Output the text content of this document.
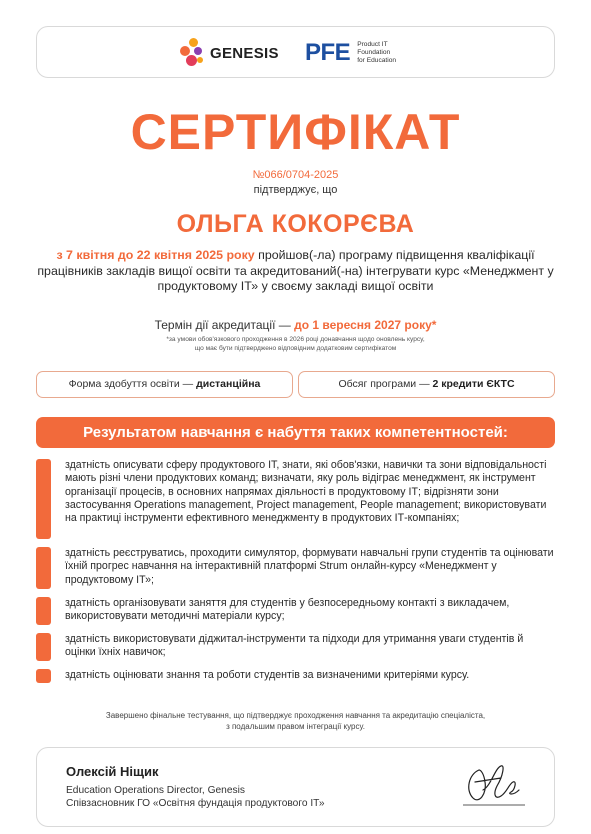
GENESIS PFE Product IT
Foundation
for Education
СЕРТИФІКАТ
№066/0704-2025
підтверджує, що
ОЛЬГА КОКОРЄВА
з 7 квітня до 22 квітня 2025 року пройшов(-ла) програму підвищення кваліфікації працівників закладів вищої освіти та акредитований(-на) інтегрувати курс «Менеджмент у продуктовому ІТ» у своєму закладі вищої освіти
Термін дії акредитації — до 1 вересня 2027 року*
*за умови обов'язкового проходження в 2026 році донавчання щодо оновлень курсу,
що має бути підтверджено відповідним додатковим сертифікатом
Форма здобуття освіти — дистанційна	Обсяг програми — 2 кредити ЄКТС
Результатом навчання є набуття таких компетентностей:
здатність описувати сферу продуктового ІТ, знати, які обов'язки, навички та зони відповідальності мають різні члени продуктових команд; визначати, яку роль відіграє менеджмент, як інструмент організації процесів, в основних напрямах діяльності в продуктовому ІТ; відрізняти зони застосування Operations management, Project management, People management; використовувати на практиці інструменти ефективного менеджменту в продуктових ІТ-компаніях;
здатність реєструватись, проходити симулятор, формувати навчальні групи студентів та оцінювати їхній прогрес навчання на інтерактивній платформі Strum онлайн-курсу «Менеджмент у продуктовому ІТ»;
здатність організовувати заняття для студентів у безпосередньому контакті з викладачем, використовувати методичні матеріали курсу;
здатність використовувати діджитал-інструменти та підходи для утримання уваги студентів й оцінки їхніх навичок;
здатність оцінювати знання та роботи студентів за визначеними критеріями курсу.
Завершено фінальне тестування, що підтверджує проходження навчання та акредитацію спеціаліста,
з подальшим правом інтеграції курсу.
Олексій Ніщик
Education Operations Director, Genesis
Співзасновник ГО «Освітня фундація продуктового ІТ»
